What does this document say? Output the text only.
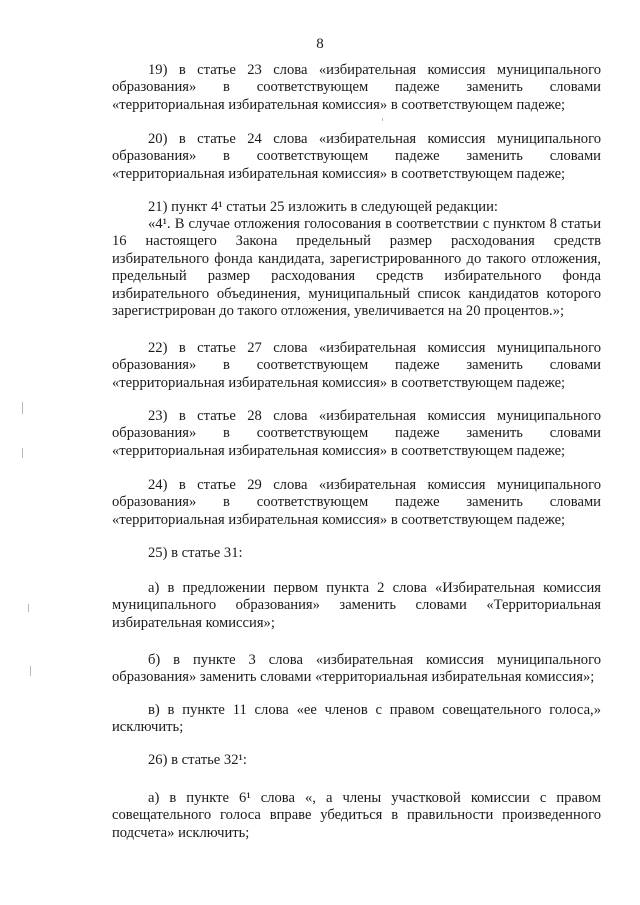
8

19) в статье 23 слова «избирательная комиссия муниципального образования» в соответствующем падеже заменить словами «территориальная избирательная комиссия» в соответствующем падеже;

20) в статье 24 слова «избирательная комиссия муниципального образования» в соответствующем падеже заменить словами «территориальная избирательная комиссия» в соответствующем падеже;

21) пункт 4¹ статьи 25 изложить в следующей редакции:

«4¹. В случае отложения голосования в соответствии с пунктом 8 статьи 16 настоящего Закона предельный размер расходования средств избирательного фонда кандидата, зарегистрированного до такого отложения, предельный размер расходования средств избирательного фонда избирательного объединения, муниципальный список кандидатов которого зарегистрирован до такого отложения, увеличивается на 20 процентов.»;

22) в статье 27 слова «избирательная комиссия муниципального образования» в соответствующем падеже заменить словами «территориальная избирательная комиссия» в соответствующем падеже;

23) в статье 28 слова «избирательная комиссия муниципального образования» в соответствующем падеже заменить словами «территориальная избирательная комиссия» в соответствующем падеже;

24) в статье 29 слова «избирательная комиссия муниципального образования» в соответствующем падеже заменить словами «территориальная избирательная комиссия» в соответствующем падеже;

25) в статье 31:

а) в предложении первом пункта 2 слова «Избирательная комиссия муниципального образования» заменить словами «Территориальная избирательная комиссия»;

б) в пункте 3 слова «избирательная комиссия муниципального образования» заменить словами «территориальная избирательная комиссия»;

в) в пункте 11 слова «ее членов с правом совещательного голоса,» исключить;

26) в статье 32¹:

а) в пункте 6¹ слова «, а члены участковой комиссии с правом совещательного голоса вправе убедиться в правильности произведенного подсчета» исключить;
